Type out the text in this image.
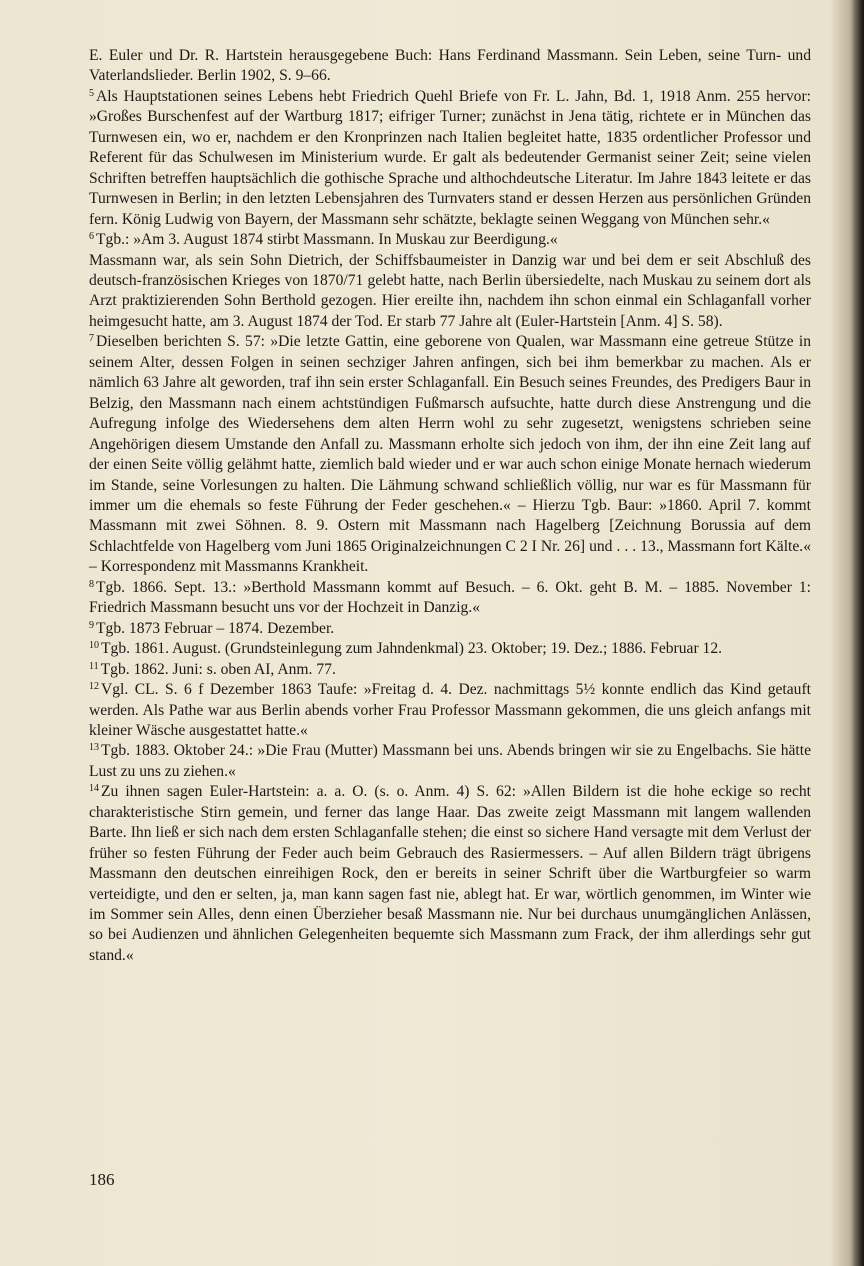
E. Euler und Dr. R. Hartstein herausgegebene Buch: Hans Ferdinand Massmann. Sein Leben, seine Turn- und Vaterlandslieder. Berlin 1902, S. 9–66.

$^5$ Als Hauptstationen seines Lebens hebt Friedrich Quehl Briefe von Fr. L. Jahn, Bd. 1, 1918 Anm. 255 hervor: »Großes Burschenfest auf der Wartburg 1817; eifriger Turner; zunächst in Jena tätig, richtete er in München das Turnwesen ein, wo er, nachdem er den Kronprinzen nach Italien begleitet hatte, 1835 ordentlicher Professor und Referent für das Schulwesen im Ministerium wurde. Er galt als bedeutender Germanist seiner Zeit; seine vielen Schriften betreffen hauptsächlich die gothische Sprache und althochdeutsche Literatur. Im Jahre 1843 leitete er das Turnwesen in Berlin; in den letzten Lebensjahren des Turnvaters stand er dessen Herzen aus persönlichen Gründen fern. König Ludwig von Bayern, der Massmann sehr schätzte, beklagte seinen Weggang von München sehr.«

$^6$ Tgb.: »Am 3. August 1874 stirbt Massmann. In Muskau zur Beerdigung.«

Massmann war, als sein Sohn Dietrich, der Schiffsbaumeister in Danzig war und bei dem er seit Abschluß des deutsch-französischen Krieges von 1870/71 gelebt hatte, nach Berlin übersiedelte, nach Muskau zu seinem dort als Arzt praktizierenden Sohn Berthold gezogen. Hier ereilte ihn, nachdem ihn schon einmal ein Schlaganfall vorher heimgesucht hatte, am 3. August 1874 der Tod. Er starb 77 Jahre alt (Euler-Hartstein [Anm. 4] S. 58).

$^7$ Dieselben berichten S. 57: »Die letzte Gattin, eine geborene von Qualen, war Massmann eine getreue Stütze in seinem Alter, dessen Folgen in seinen sechziger Jahren anfingen, sich bei ihm bemerkbar zu machen. Als er nämlich 63 Jahre alt geworden, traf ihn sein erster Schlaganfall. Ein Besuch seines Freundes, des Predigers Baur in Belzig, den Massmann nach einem achtstündigen Fußmarsch aufsuchte, hatte durch diese Anstrengung und die Aufregung infolge des Wiedersehens dem alten Herrn wohl zu sehr zugesetzt, wenigstens schrieben seine Angehörigen diesem Umstande den Anfall zu. Massmann erholte sich jedoch von ihm, der ihn eine Zeit lang auf der einen Seite völlig gelähmt hatte, ziemlich bald wieder und er war auch schon einige Monate hernach wiederum im Stande, seine Vorlesungen zu halten. Die Lähmung schwand schließlich völlig, nur war es für Massmann für immer um die ehemals so feste Führung der Feder geschehen.« – Hierzu Tgb. Baur: »1860. April 7. kommt Massmann mit zwei Söhnen. 8. 9. Ostern mit Massmann nach Hagelberg [Zeichnung Borussia auf dem Schlachtfelde von Hagelberg vom Juni 1865 Originalzeichnungen C 2 I Nr. 26] und . . . 13., Massmann fort Kälte.« – Korrespondenz mit Massmanns Krankheit.

$^8$ Tgb. 1866. Sept. 13.: »Berthold Massmann kommt auf Besuch. – 6. Okt. geht B. M. – 1885. November 1: Friedrich Massmann besucht uns vor der Hochzeit in Danzig.«

$^9$ Tgb. 1873 Februar – 1874. Dezember.

$^{10}$ Tgb. 1861. August. (Grundsteinlegung zum Jahndenkmal) 23. Oktober; 19. Dez.; 1886. Februar 12.

$^{11}$ Tgb. 1862. Juni: s. oben AI, Anm. 77.

$^{12}$ Vgl. CL. S. 6 f Dezember 1863 Taufe: »Freitag d. 4. Dez. nachmittags 5½ konnte endlich das Kind getauft werden. Als Pathe war aus Berlin abends vorher Frau Professor Massmann gekommen, die uns gleich anfangs mit kleiner Wäsche ausgestattet hatte.«

$^{13}$ Tgb. 1883. Oktober 24.: »Die Frau (Mutter) Massmann bei uns. Abends bringen wir sie zu Engelbachs. Sie hätte Lust zu uns zu ziehen.«

$^{14}$ Zu ihnen sagen Euler-Hartstein: a. a. O. (s. o. Anm. 4) S. 62: »Allen Bildern ist die hohe eckige so recht charakteristische Stirn gemein, und ferner das lange Haar. Das zweite zeigt Massmann mit langem wallenden Barte. Ihn ließ er sich nach dem ersten Schlaganfalle stehen; die einst so sichere Hand versagte mit dem Verlust der früher so festen Führung der Feder auch beim Gebrauch des Rasiermessers. – Auf allen Bildern trägt übrigens Massmann den deutschen einreihigen Rock, den er bereits in seiner Schrift über die Wartburgfeier so warm verteidigte, und den er selten, ja, man kann sagen fast nie, ablegt hat. Er war, wörtlich genommen, im Winter wie im Sommer sein Alles, denn einen Überzieher besaß Massmann nie. Nur bei durchaus unumgänglichen Anlässen, so bei Audienzen und ähnlichen Gelegenheiten bequemte sich Massmann zum Frack, der ihm allerdings sehr gut stand.«

186
